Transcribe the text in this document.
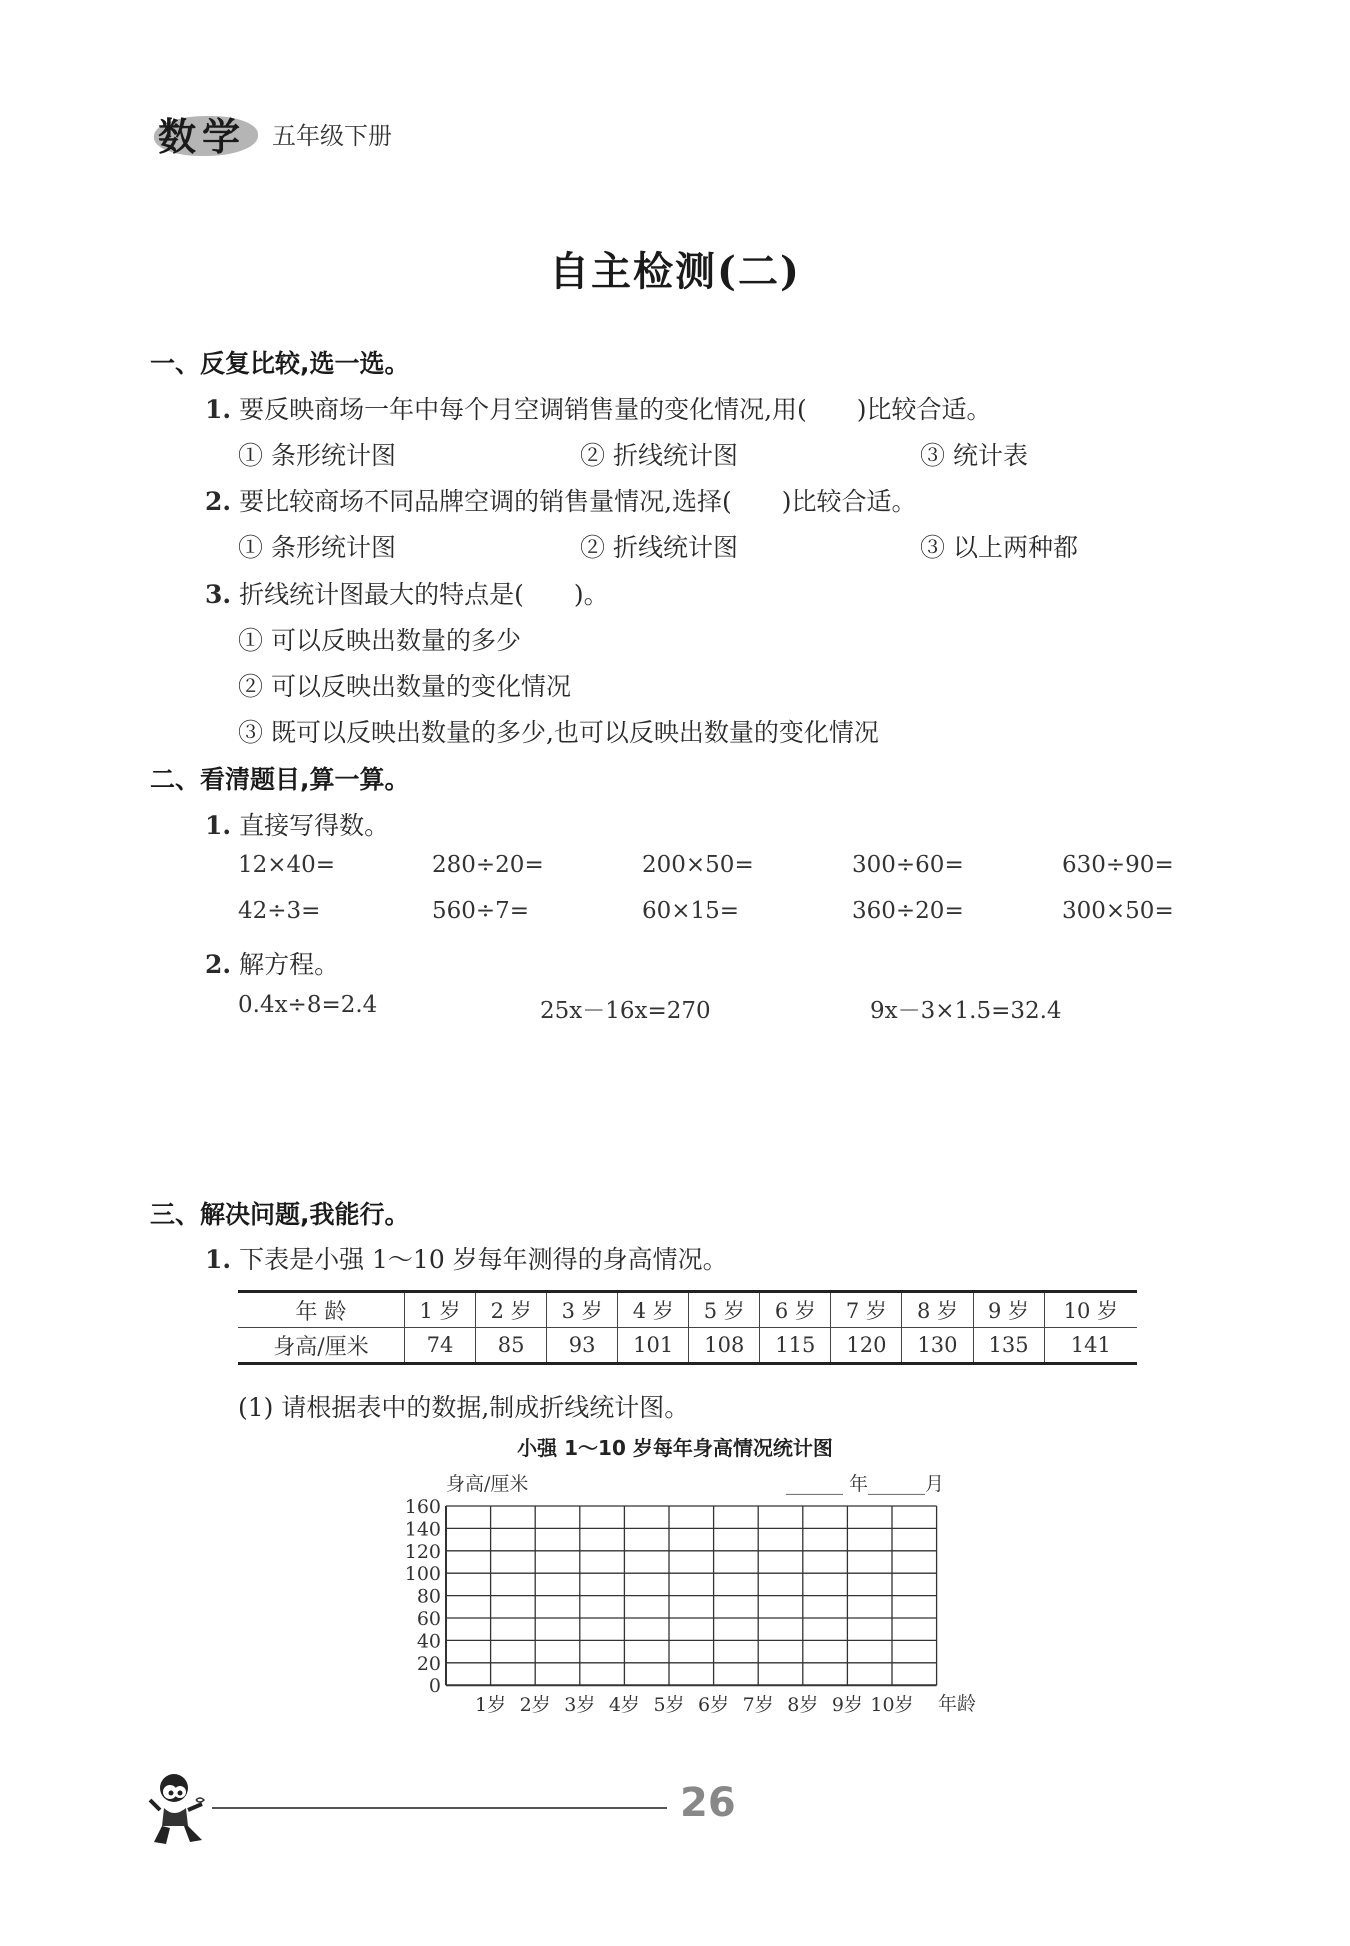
数学 五年级下册
自主检测(二)
一、反复比较,选一选。
1. 要反映商场一年中每个月空调销售量的变化情况,用(　　)比较合适。
① 条形统计图	② 折线统计图	③ 统计表
2. 要比较商场不同品牌空调的销售量情况,选择(　　)比较合适。
① 条形统计图	② 折线统计图	③ 以上两种都
3. 折线统计图最大的特点是(　　)。
① 可以反映出数量的多少
② 可以反映出数量的变化情况
③ 既可以反映出数量的多少,也可以反映出数量的变化情况
二、看清题目,算一算。
1. 直接写得数。
12×40=	280÷20=	200×50=	300÷60=	630÷90=
42÷3=	560÷7=	60×15=	360÷20=	300×50=
2. 解方程。
0.4x÷8=2.4	25x－16x=270	9x－3×1.5=32.4
三、解决问题,我能行。
1. 下表是小强 1～10 岁每年测得的身高情况。
年 龄	1 岁	2 岁	3 岁	4 岁	5 岁	6 岁	7 岁	8 岁	9 岁	10 岁
身高/厘米	74	85	93	101	108	115	120	130	135	141
(1) 请根据表中的数据,制成折线统计图。
小强 1～10 岁每年身高情况统计图
身高/厘米	______ 年______月
160
140
120
100
80
60
40
20
0
1岁 2岁 3岁 4岁 5岁 6岁 7岁 8岁 9岁 10岁 年龄
26
